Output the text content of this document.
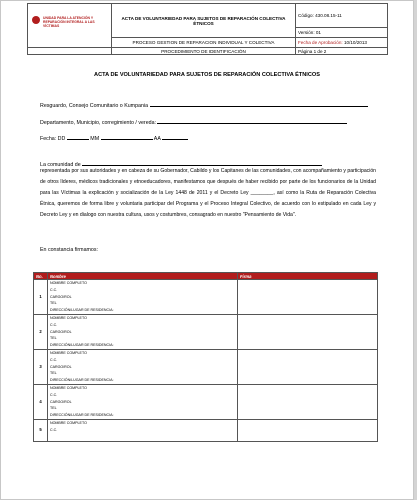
UNIDAD PARA LA ATENCIÓN Y REPARACIÓN INTEGRAL A LAS VÍCTIMAS	ACTA DE VOLUNTARIEDAD PARA SUJETOS DE REPARACIÓN COLECTIVA ÉTNICOS	Código: 430.08.15-11
		Versión: 01
	PROCESO GESTION DE REPARACION INDIVIDUAL Y COLECTIVA	Fecha de Aprobación: 10/10/2013
	PROCEDIMIENTO DE IDENTIFICACIÓN	Página 1 de 2
ACTA DE VOLUNTARIEDAD PARA SUJETOS DE REPARACIÓN COLECTIVA ÉTNICOS
Resguardo, Consejo Comunitario o Kumpania
Departamento, Municipio, corregimiento / vereda:
Fecha: DD	MM	AA
La comunidad de
representada por sus autoridades y en cabeza de su Gobernador, Cabildo y los Capitanes de las comunidades, con acompañamiento y participación de otros líderes, médicos tradicionales y etnoeducadores, manifestamos que después de haber recibido por parte de los funcionarios de la Unidad para las Víctimas la explicación y socialización de la Ley 1448 de 2011 y el Decreto Ley ________, así como la Ruta de Reparación Colectiva Étnica, queremos de forma libre y voluntaria participar del Programa y el Proceso Integral Colectivo, de acuerdo con lo estipulado en cada Ley y Decreto Ley y en dialogo con nuestra cultura, usos y costumbres, consagrado en nuestro "Pensamiento de Vida".
En constancia firmamos:
No.	Nombre	Firma
1	NOMBRE COMPLETO
C.C.
CARGO/ROL
TEL
DIRECCIÓN/LUGAR DE RESIDENCIA:	

2	NOMBRE COMPLETO
C.C.
CARGO/ROL
TEL
DIRECCIÓN/LUGAR DE RESIDENCIA:	

3	NOMBRE COMPLETO
C.C.
CARGO/ROL
TEL
DIRECCIÓN/LUGAR DE RESIDENCIA:	

4	NOMBRE COMPLETO
C.C.
CARGO/ROL
TEL
DIRECCIÓN/LUGAR DE RESIDENCIA:	

5	NOMBRE COMPLETO
C.C.	
